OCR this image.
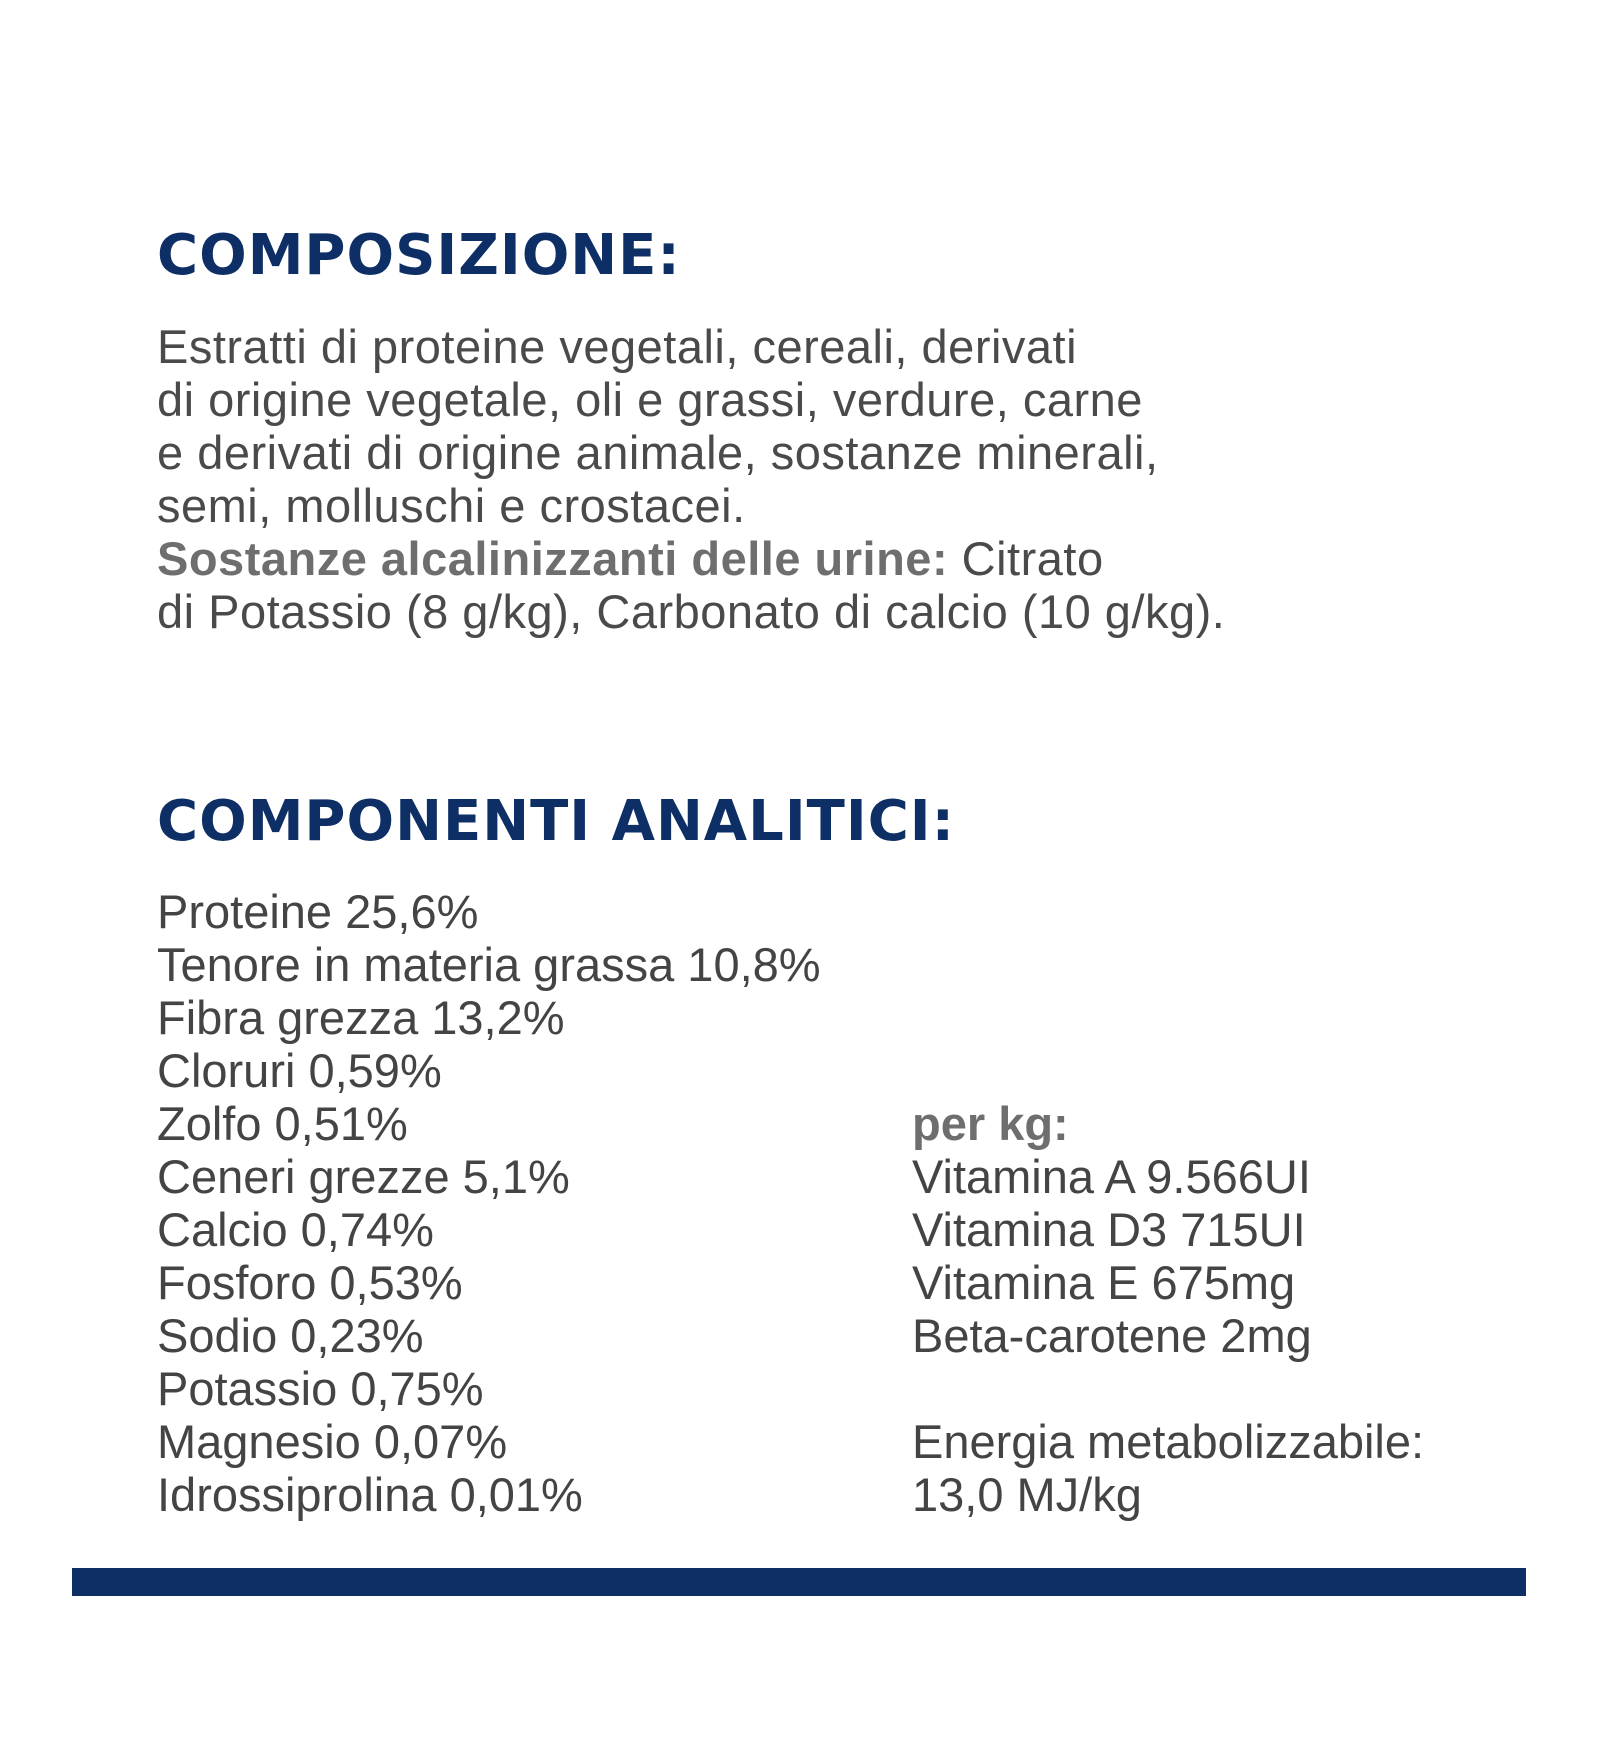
COMPOSIZIONE:
Estratti di proteine vegetali, cereali, derivati
di origine vegetale, oli e grassi, verdure, carne
e derivati di origine animale, sostanze minerali,
semi, molluschi e crostacei.
Sostanze alcalinizzanti delle urine: Citrato
di Potassio (8 g/kg), Carbonato di calcio (10 g/kg).
COMPONENTI ANALITICI:
Proteine 25,6%
Tenore in materia grassa 10,8%
Fibra grezza 13,2%
Cloruri 0,59%
Zolfo 0,51%
Ceneri grezze 5,1%
Calcio 0,74%
Fosforo 0,53%
Sodio 0,23%
Potassio 0,75%
Magnesio 0,07%
Idrossiprolina 0,01%
per kg:
Vitamina A 9.566UI
Vitamina D3 715UI
Vitamina E 675mg
Beta-carotene 2mg
Energia metabolizzabile:
13,0 MJ/kg
